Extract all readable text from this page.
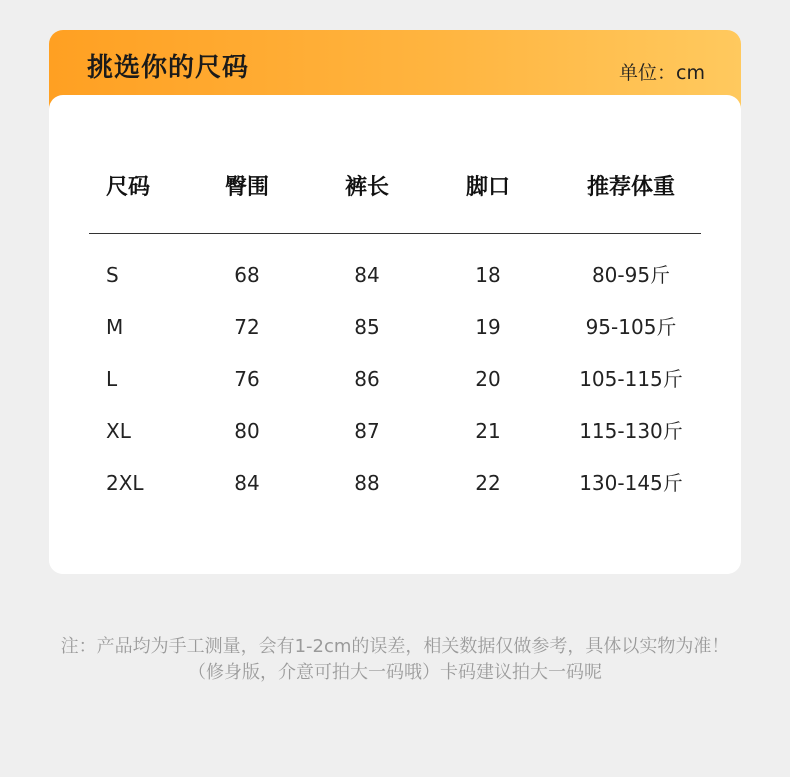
挑选你的尺码	单位：cm
尺码	臀围	裤长	脚口	推荐体重
S	68	84	18	80-95斤
M	72	85	19	95-105斤
L	76	86	20	105-115斤
XL	80	87	21	115-130斤
2XL	84	88	22	130-145斤
注：产品均为手工测量，会有1-2cm的误差，相关数据仅做参考，具体以实物为准！
（修身版，介意可拍大一码哦）卡码建议拍大一码呢
